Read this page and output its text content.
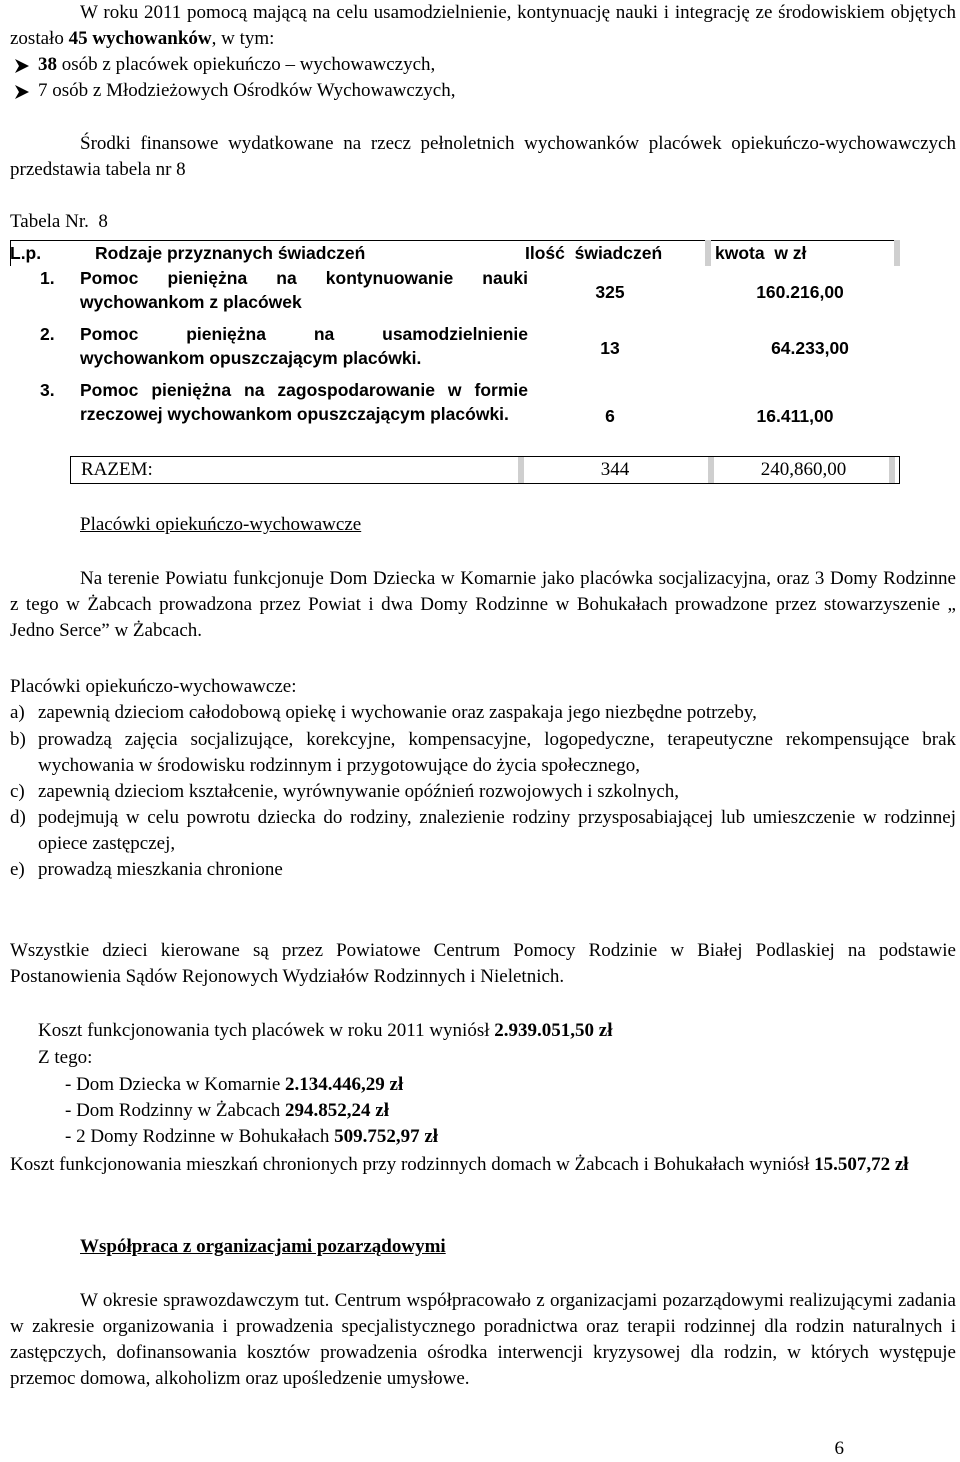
W roku 2011 pomocą mającą na celu usamodzielnienie, kontynuację nauki i integrację ze środowiskiem objętych zostało 45 wychowanków, w tym:

38 osób z placówek opiekuńczo – wychowawczych,
7 osób z Młodzieżowych Ośrodków Wychowawczych,

Środki finansowe wydatkowane na rzecz pełnoletnich wychowanków placówek opiekuńczo-wychowawczych przedstawia tabela nr 8

Tabela Nr.  8

L.p.	Rodzaje przyznanych świadczeń	Ilość  świadczeń	kwota  w zł
1.	Pomoc pieniężna na kontynuowanie nauki wychowankom z placówek	325	160.216,00
2.	Pomoc pieniężna na usamodzielnienie wychowankom opuszczającym placówki.	13	64.233,00
3.	Pomoc pieniężna na zagospodarowanie w formie rzeczowej wychowankom opuszczającym placówki.	6	16.411,00
RAZEM:	344	240,860,00

Placówki opiekuńczo-wychowawcze

Na terenie Powiatu funkcjonuje Dom Dziecka w Komarnie jako placówka socjalizacyjna, oraz 3 Domy Rodzinne z tego w Żabcach prowadzona przez Powiat i dwa Domy Rodzinne w Bohukałach prowadzone przez stowarzyszenie „ Jedno Serce” w Żabcach.

Placówki opiekuńczo-wychowawcze:

a) zapewnią dzieciom całodobową opiekę i wychowanie oraz zaspakaja jego niezbędne potrzeby,
b) prowadzą zajęcia socjalizujące, korekcyjne, kompensacyjne, logopedyczne, terapeutyczne rekompensujące brak wychowania w środowisku rodzinnym i przygotowujące do życia społecznego,
c) zapewnią dzieciom kształcenie, wyrównywanie opóźnień rozwojowych i szkolnych,
d) podejmują w celu powrotu dziecka do rodziny, znalezienie rodziny przysposabiającej lub umieszczenie w rodzinnej opiece zastępczej,
e) prowadzą mieszkania chronione

Wszystkie dzieci kierowane są przez Powiatowe Centrum Pomocy Rodzinie w Białej Podlaskiej na podstawie Postanowienia Sądów Rejonowych Wydziałów Rodzinnych i Nieletnich.

Koszt funkcjonowania tych placówek w roku 2011 wyniósł 2.939.051,50 zł

Z tego:

- Dom Dziecka w Komarnie 2.134.446,29 zł

- Dom Rodzinny w Żabcach 294.852,24 zł

- 2 Domy Rodzinne w Bohukałach 509.752,97 zł

Koszt funkcjonowania mieszkań chronionych przy rodzinnych domach w Żabcach i Bohukałach wyniósł 15.507,72 zł

Współpraca z organizacjami pozarządowymi

W okresie sprawozdawczym tut. Centrum współpracowało z organizacjami pozarządowymi realizującymi zadania w zakresie organizowania i prowadzenia specjalistycznego poradnictwa oraz terapii rodzinnej dla rodzin naturalnych i zastępczych, dofinansowania kosztów prowadzenia ośrodka interwencji kryzysowej dla rodzin, w których występuje przemoc domowa, alkoholizm oraz upośledzenie umysłowe.

6
